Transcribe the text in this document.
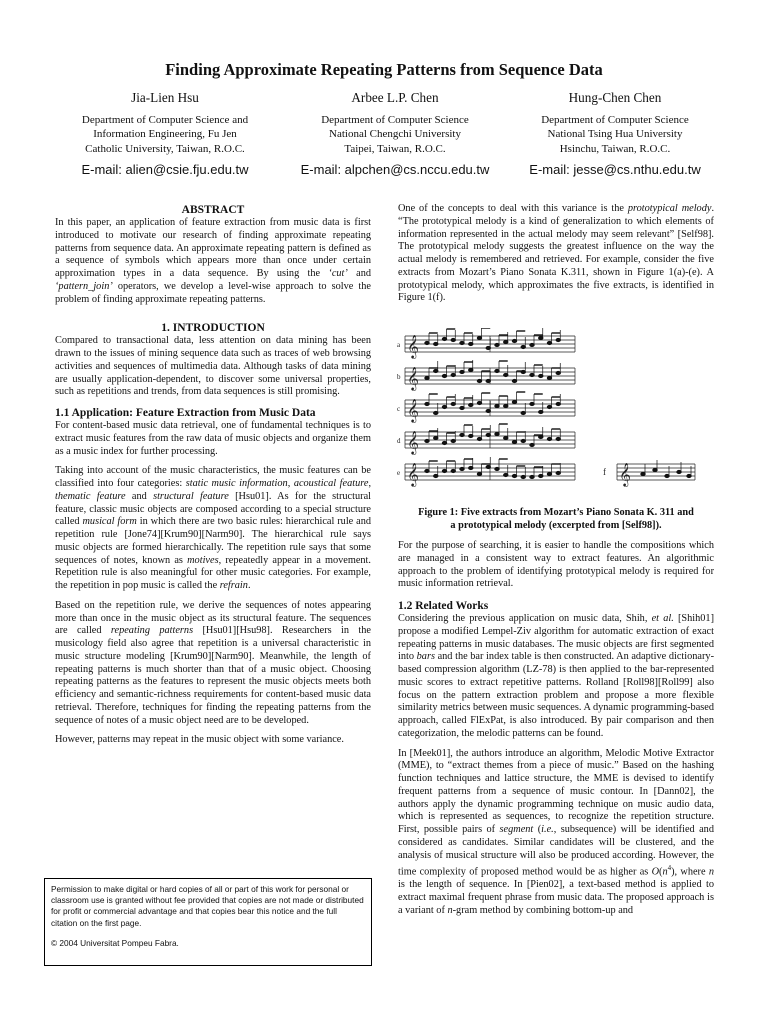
Finding Approximate Repeating Patterns from Sequence Data
Jia-Lien Hsu
Department of Computer Science and
Information Engineering, Fu Jen
Catholic University, Taiwan, R.O.C.
E-mail: alien@csie.fju.edu.tw
Arbee L.P. Chen
Department of Computer Science
National Chengchi University
Taipei, Taiwan, R.O.C.
E-mail: alpchen@cs.nccu.edu.tw
Hung-Chen Chen
Department of Computer Science
National Tsing Hua University
Hsinchu, Taiwan, R.O.C.
E-mail: jesse@cs.nthu.edu.tw
ABSTRACT

In this paper, an application of feature extraction from music data is first introduced to motivate our research of finding approximate repeating patterns from sequence data. An approximate repeating pattern is defined as a sequence of symbols which appears more than once under certain approximation types in a data sequence. By using the ‘cut’ and ‘pattern_join’ operators, we develop a level-wise approach to solve the problem of finding approximate repeating patterns.

1. INTRODUCTION

Compared to transactional data, less attention on data mining has been drawn to the issues of mining sequence data such as traces of web browsing activities and sequences of multimedia data. Although tasks of data mining are usually application-dependent, to discover some universal properties, such as repetitions and trends, from data sequences is still promising.

1.1 Application: Feature Extraction from Music Data

For content-based music data retrieval, one of fundamental techniques is to extract music features from the raw data of music objects and organize them as a music index for further processing.

Taking into account of the music characteristics, the music features can be classified into four categories: static music information, acoustical feature, thematic feature and structural feature [Hsu01]. As for the structural feature, classic music objects are composed according to a special structure called musical form in which there are two basic rules: hierarchical rule and repetition rule [Jone74][Krum90][Narm90]. The hierarchical rule says music objects are formed hierarchically. The repetition rule says that some sequences of notes, known as motives, repeatedly appear in a movement. Repetition rule is also meaningful for other music categories. For example, the repetition in pop music is called the refrain.

Based on the repetition rule, we derive the sequences of notes appearing more than once in the music object as its structural feature. The sequences are called repeating patterns [Hsu01][Hsu98]. Researchers in the musicology field also agree that repetition is a universal characteristic in music structure modeling [Krum90][Narm90]. Meanwhile, the length of repeating patterns is much shorter than that of a music object. Choosing repeating patterns as the features to represent the music objects meets both efficiency and semantic-richness requirements for content-based music data retrieval. Therefore, techniques for finding the repeating patterns from the sequence of notes of a music object need are to be developed.

However, patterns may repeat in the music object with some variance.

Permission to make digital or hard copies of all or part of this work for personal or classroom use is granted without fee provided that copies are not made or distributed for profit or commercial advantage and that copies bear this notice and the full citation on the first page.

© 2004 Universitat Pompeu Fabra.

One of the concepts to deal with this variance is the prototypical melody. “The prototypical melody is a kind of generalization to which elements of information represented in the actual melody may seem relevant” [Self98]. The prototypical melody suggests the greatest influence on the way the actual melody is remembered and retrieved. For example, consider the five extracts from Mozart’s Piano Sonata K.311, shown in Figure 1(a)-(e). A prototypical melody, which approximates the five extracts, is identified in Figure 1(f).

a 𝄞
b 𝄞
c 𝄞
d 𝄞
e 𝄞	f 𝄞
Figure 1: Five extracts from Mozart’s Piano Sonata K. 311 and
a prototypical melody (excerpted from [Self98]).

For the purpose of searching, it is easier to handle the compositions which are managed in a consistent way to extract features. An algorithmic approach to the problem of identifying prototypical melody is required for music information retrieval.

1.2 Related Works

Considering the previous application on music data, Shih, et al. [Shih01] propose a modified Lempel-Ziv algorithm for automatic extraction of exact repeating patterns in music databases. The music objects are first segmented into bars and the bar index table is then constructed. An adaptive dictionary-based compression algorithm (LZ-78) is then applied to the bar-represented music scores to extract repetitive patterns. Rolland [Roll98][Roll99] also focus on the pattern extraction problem and propose a more flexible similarity metrics between music sequences. A dynamic programming-based approach, called FlExPat, is also introduced. By pair comparison and then categorization, the melodic patterns can be found.

In [Meek01], the authors introduce an algorithm, Melodic Motive Extractor (MME), to “extract themes from a piece of music.” Based on the hashing function techniques and lattice structure, the MME is devised to identify frequent patterns from a sequence of music contour. In [Dann02], the authors apply the dynamic programming technique on music audio data, which is represented as sequences, to recognize the repetition structure. First, possible pairs of segment (i.e., subsequence) will be identified and considered as candidates. Similar candidates will be clustered, and the analysis of musical structure will also be produced according. However, the time complexity of proposed method would be as higher as $O(n^4)$, where n is the length of sequence. In [Pien02], a text-based method is applied to extract maximal frequent phrase from music data. The proposed approach is a variant of n-gram method by combining bottom-up and
